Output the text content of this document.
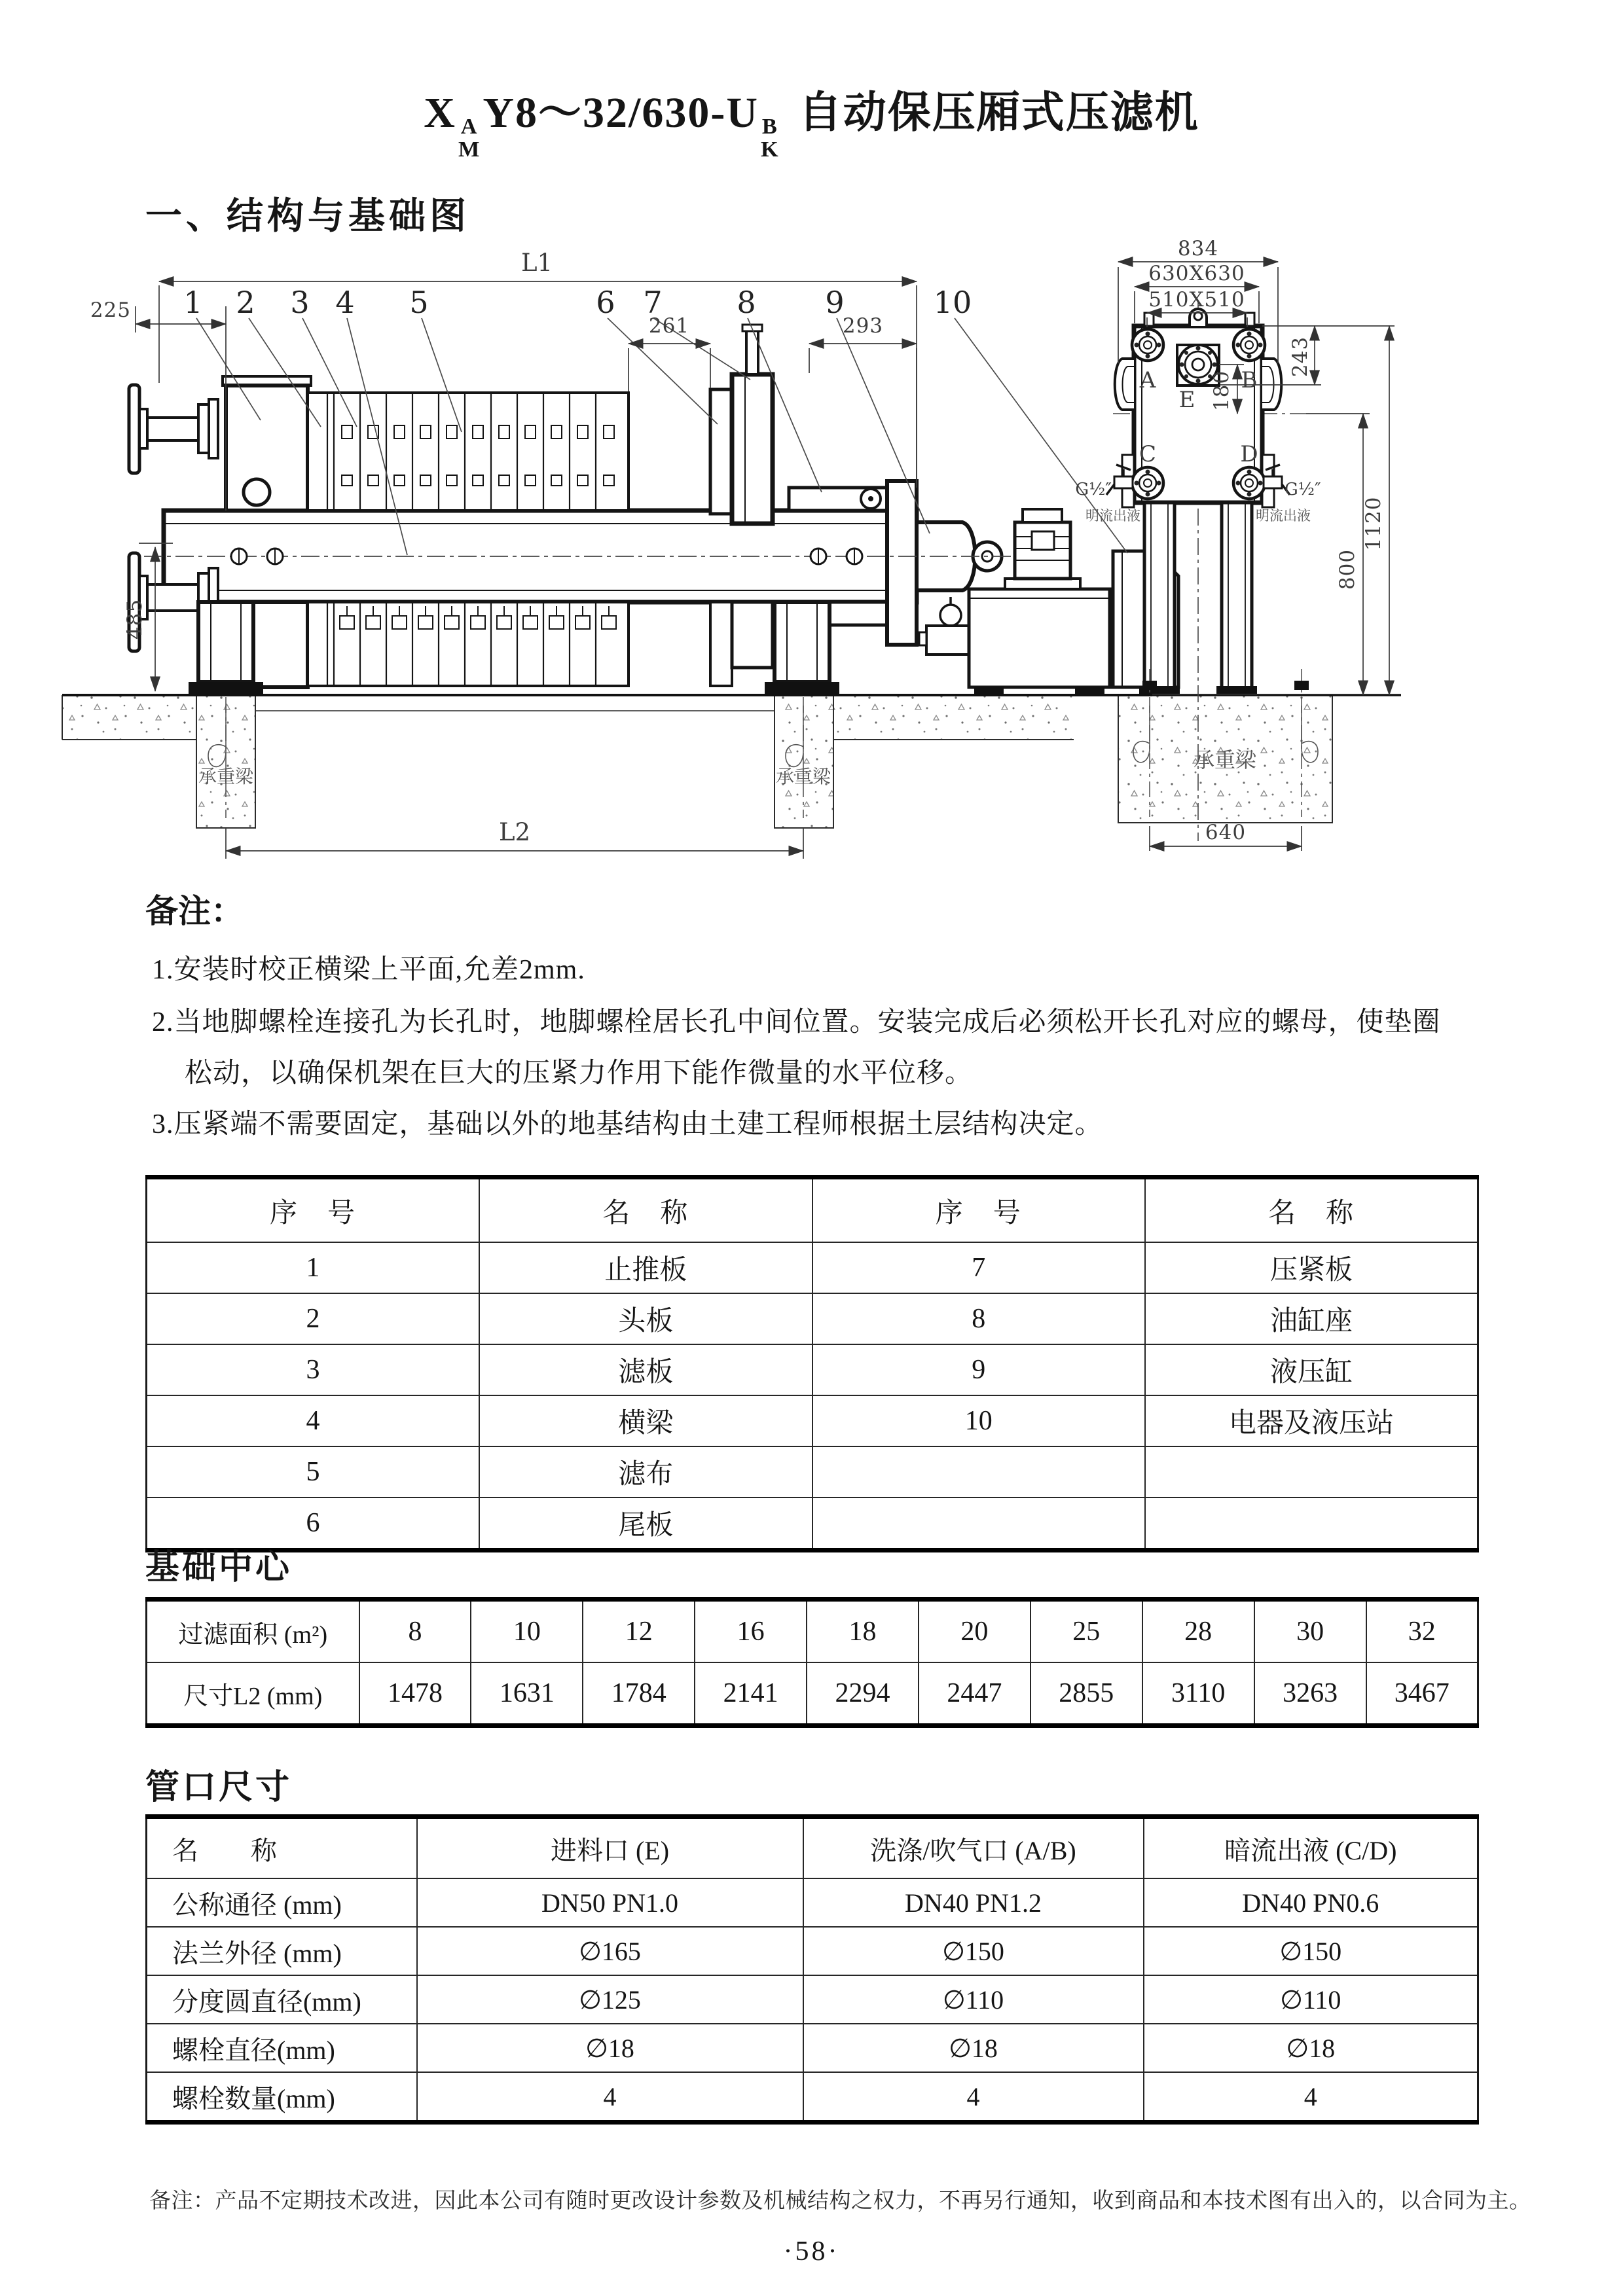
X A
M
Y8～32/630-U B
K
自动保压厢式压滤机
一、结构与基础图
1 2 3 4 5	6 7 8 9	10
L1
225
261	293
485
L2
承重梁	承重梁
834
630X630
510X510
243
180
800
1120
640
A	B
C	D
E
G½″	G½″
明流出液	明流出液
承重梁
备注：
1.安装时校正横梁上平面,允差2mm.
2.当地脚螺栓连接孔为长孔时，地脚螺栓居长孔中间位置。安装完成后必须松开长孔对应的螺母，使垫圈
松动，以确保机架在巨大的压紧力作用下能作微量的水平位移。
3.压紧端不需要固定，基础以外的地基结构由土建工程师根据土层结构决定。
序　号	名　称	序　号	名　称
1	止推板	7	压紧板
2	头板	8	油缸座
3	滤板	9	液压缸
4	横梁	10	电器及液压站
5	滤布		
6	尾板		
基础中心
过滤面积 (m²)	8	10	12	16	18	20	25	28	30	32
尺寸L2 (mm)	1478	1631	1784	2141	2294	2447	2855	3110	3263	3467
管口尺寸
名　　称	进料口 (E)	洗涤/吹气口 (A/B)	暗流出液 (C/D)
公称通径 (mm)	DN50 PN1.0	DN40 PN1.2	DN40 PN0.6
法兰外径 (mm)	∅165	∅150	∅150
分度圆直径(mm)	∅125	∅110	∅110
螺栓直径(mm)	∅18	∅18	∅18
螺栓数量(mm)	4	4	4
备注：产品不定期技术改进，因此本公司有随时更改设计参数及机械结构之权力，不再另行通知，收到商品和本技术图有出入的，以合同为主。
·58·
